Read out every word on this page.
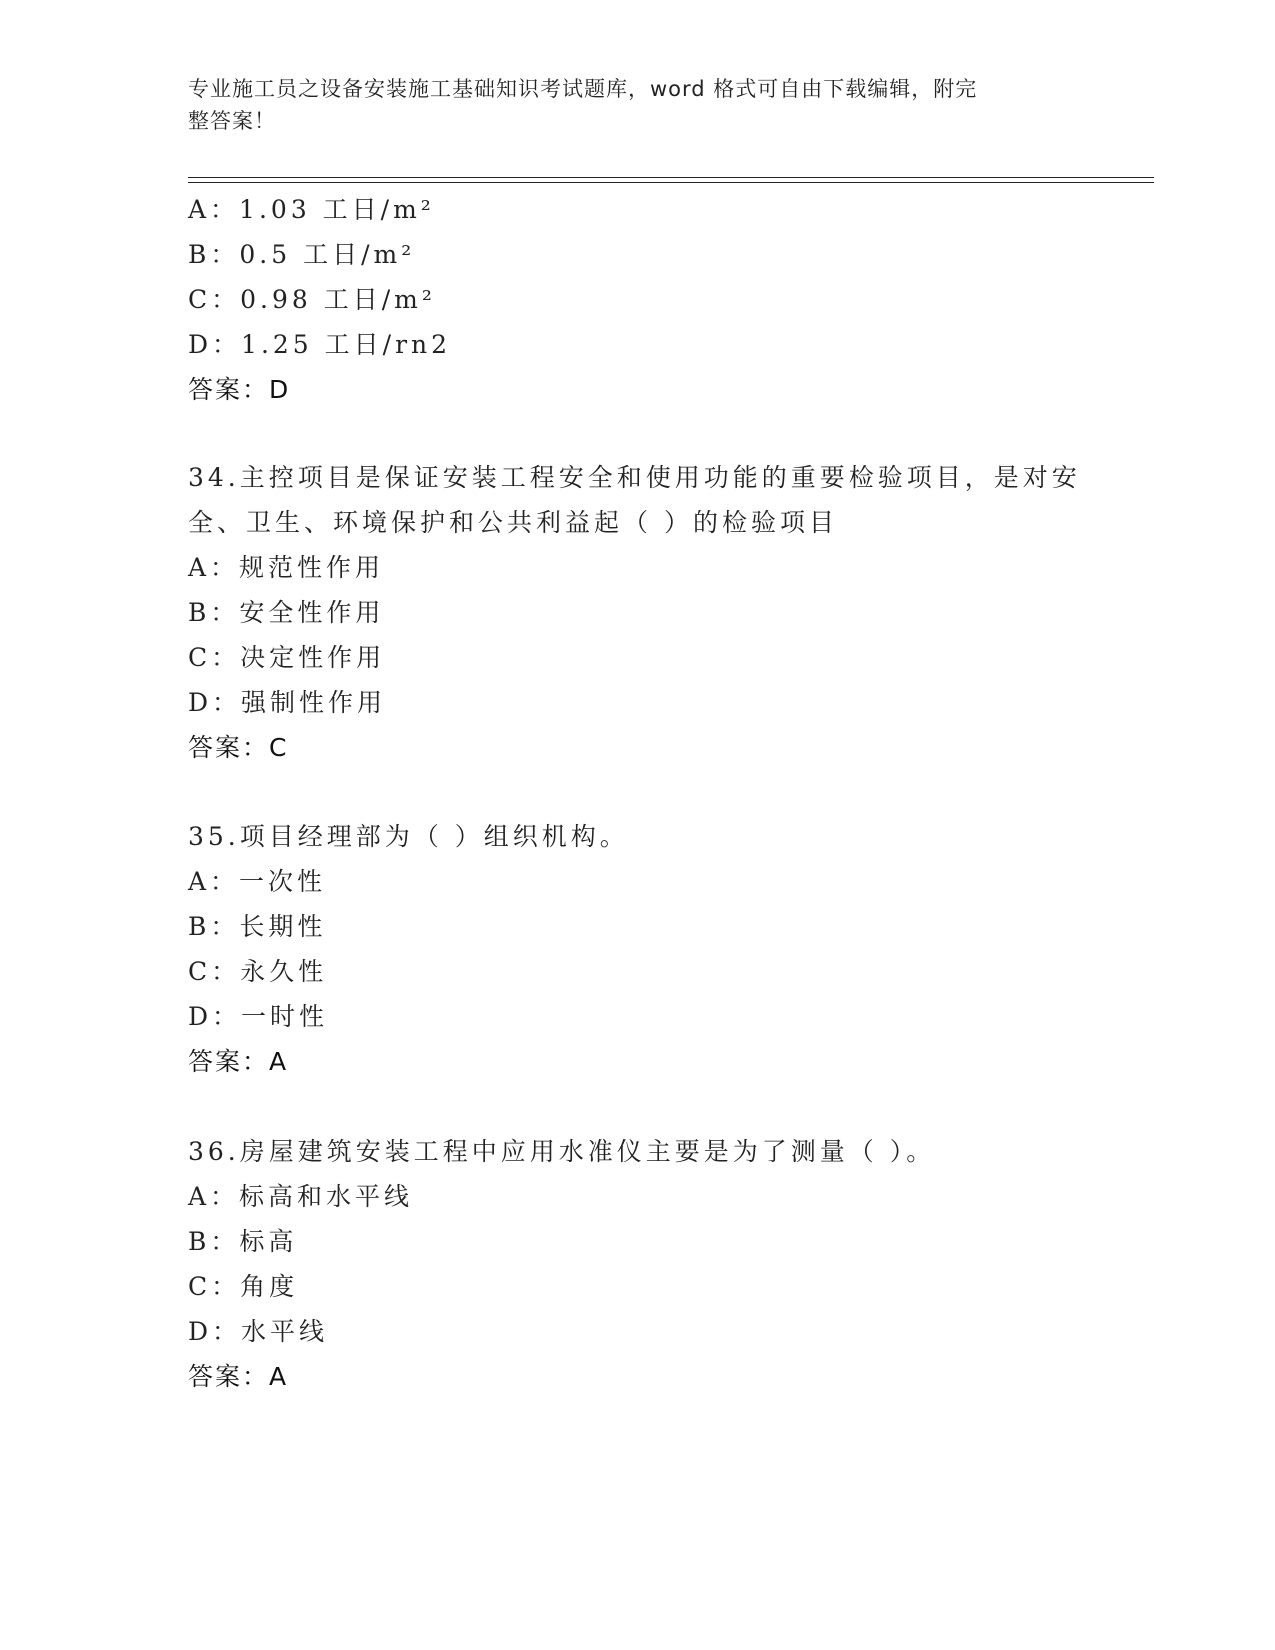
专业施工员之设备安装施工基础知识考试题库，word 格式可自由下载编辑，附完
整答案！
A：1.03 工日/m²
B：0.5 工日/m²
C：0.98 工日/m²
D：1.25 工日/rn2
答案：D
34.主控项目是保证安装工程安全和使用功能的重要检验项目，是对安
全、卫生、环境保护和公共利益起（ ）的检验项目
A：规范性作用
B：安全性作用
C：决定性作用
D：强制性作用
答案：C
35.项目经理部为（ ）组织机构。
A：一次性
B：长期性
C：永久性
D：一时性
答案：A
36.房屋建筑安装工程中应用水准仪主要是为了测量（ ）。
A：标高和水平线
B：标高
C：角度
D：水平线
答案：A
